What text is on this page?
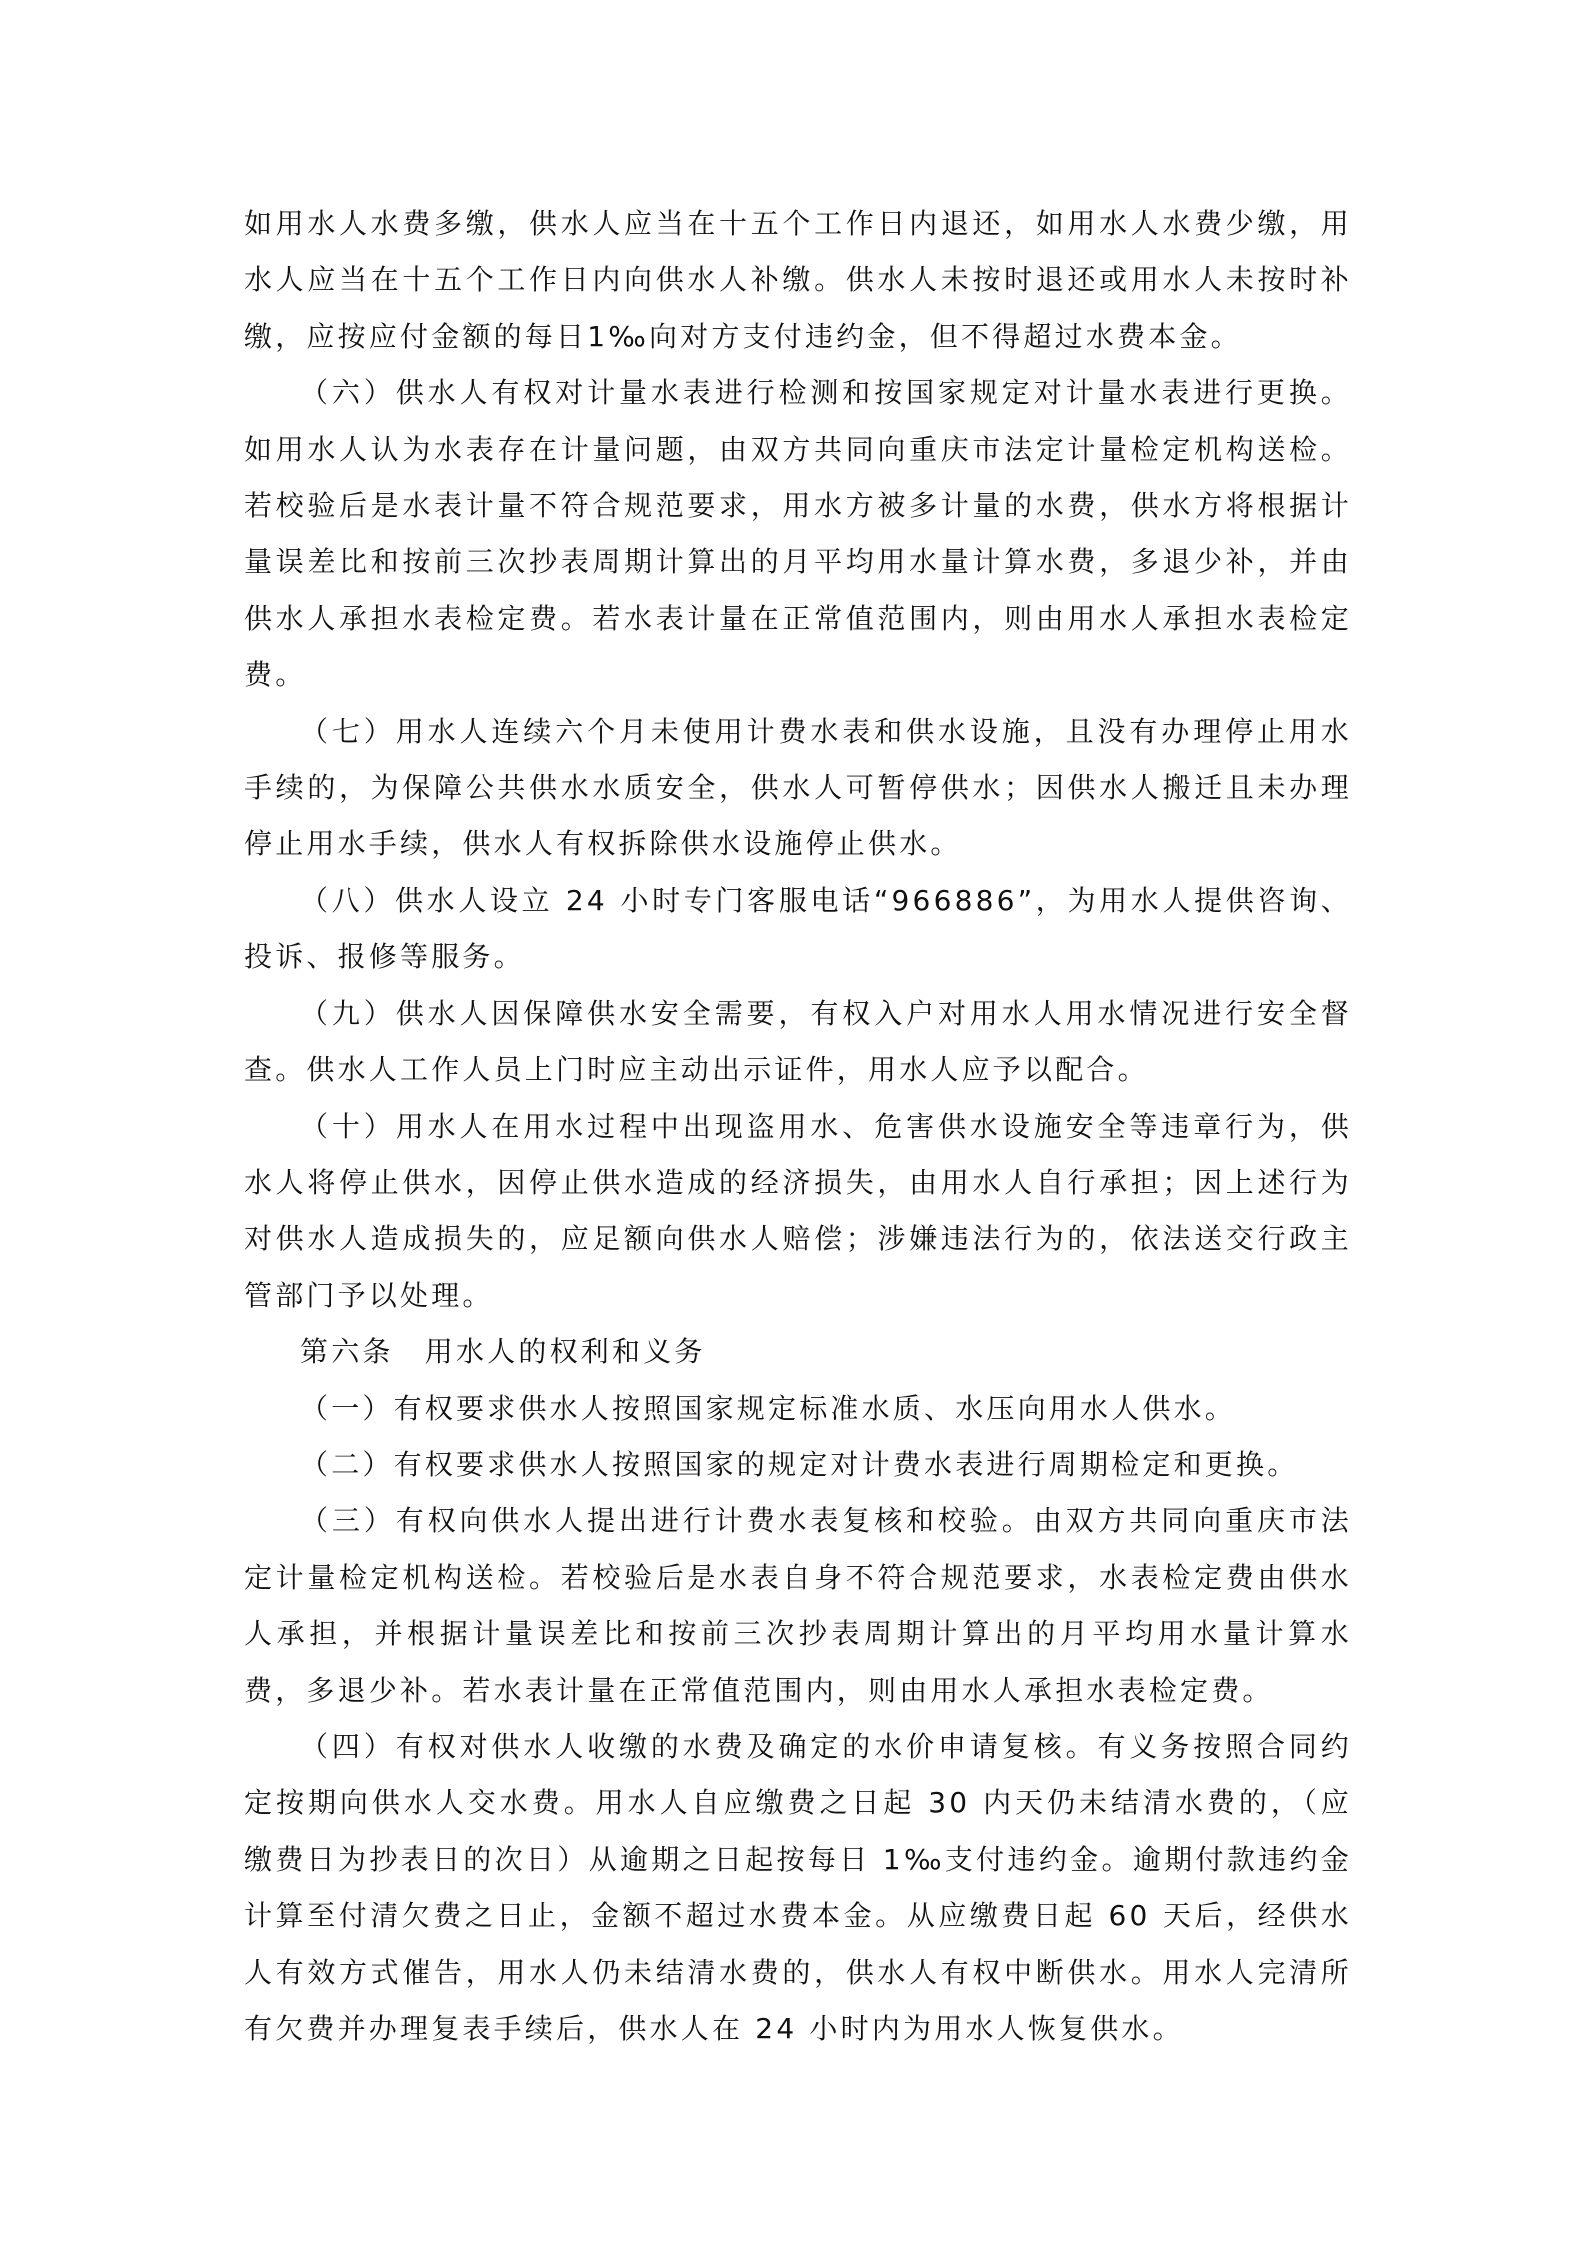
如用水人水费多缴，供水人应当在十五个工作日内退还，如用水人水费少缴，用水人应当在十五个工作日内向供水人补缴。供水人未按时退还或用水人未按时补缴，应按应付金额的每日1‰向对方支付违约金，但不得超过水费本金。

（六）供水人有权对计量水表进行检测和按国家规定对计量水表进行更换。如用水人认为水表存在计量问题，由双方共同向重庆市法定计量检定机构送检。若校验后是水表计量不符合规范要求，用水方被多计量的水费，供水方将根据计量误差比和按前三次抄表周期计算出的月平均用水量计算水费，多退少补，并由供水人承担水表检定费。若水表计量在正常值范围内，则由用水人承担水表检定费。

（七）用水人连续六个月未使用计费水表和供水设施，且没有办理停止用水手续的，为保障公共供水水质安全，供水人可暂停供水；因供水人搬迁且未办理停止用水手续，供水人有权拆除供水设施停止供水。

（八）供水人设立 24 小时专门客服电话“966886”，为用水人提供咨询、投诉、报修等服务。

（九）供水人因保障供水安全需要，有权入户对用水人用水情况进行安全督查。供水人工作人员上门时应主动出示证件，用水人应予以配合。

（十）用水人在用水过程中出现盗用水、危害供水设施安全等违章行为，供水人将停止供水，因停止供水造成的经济损失，由用水人自行承担；因上述行为对供水人造成损失的，应足额向供水人赔偿；涉嫌违法行为的，依法送交行政主管部门予以处理。

第六条　用水人的权利和义务

（一）有权要求供水人按照国家规定标准水质、水压向用水人供水。

（二）有权要求供水人按照国家的规定对计费水表进行周期检定和更换。

（三）有权向供水人提出进行计费水表复核和校验。由双方共同向重庆市法定计量检定机构送检。若校验后是水表自身不符合规范要求，水表检定费由供水人承担，并根据计量误差比和按前三次抄表周期计算出的月平均用水量计算水费，多退少补。若水表计量在正常值范围内，则由用水人承担水表检定费。

（四）有权对供水人收缴的水费及确定的水价申请复核。有义务按照合同约定按期向供水人交水费。用水人自应缴费之日起 30 内天仍未结清水费的，（应缴费日为抄表日的次日）从逾期之日起按每日 1‰支付违约金。逾期付款违约金计算至付清欠费之日止，金额不超过水费本金。从应缴费日起 60 天后，经供水人有效方式催告，用水人仍未结清水费的，供水人有权中断供水。用水人完清所有欠费并办理复表手续后，供水人在 24 小时内为用水人恢复供水。
